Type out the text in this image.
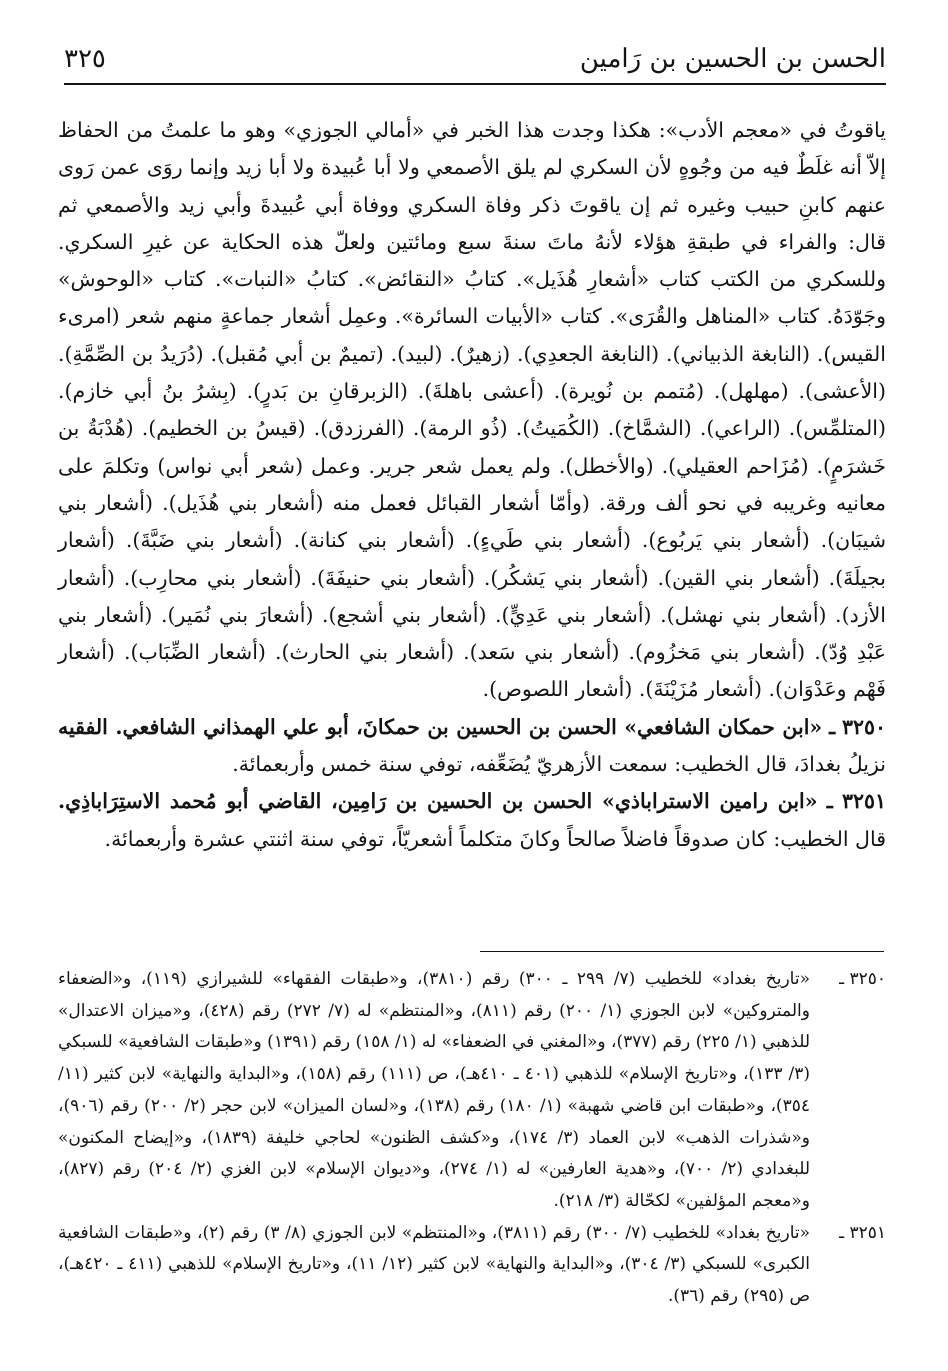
الحسن بن الحسين بن رَامين
٣٢٥

ياقوتُ في «معجم الأدب»: هكذا وجدت هذا الخبر في «أمالي الجوزي» وهو ما علمتُ من الحفاظ إلاّ أنه غلَطٌ فيه من وجُوهٍ لأن السكري لم يلق الأصمعي ولا أبا عُبيدة ولا أبا زيد وإنما روَى عمن رَوى عنهم كابنِ حبيب وغيره ثم إن ياقوتَ ذكر وفاة السكري ووفاة أبي عُبيدةَ وأبي زيد والأصمعي ثم قال: والفراء في طبقةِ هؤلاء لأنهُ ماتَ سنةَ سبع ومائتين ولعلّ هذه الحكاية عن غيرِ السكري. وللسكري من الكتب كتاب «أشعارِ هُذَيل». كتابُ «النقائض». كتابُ «النبات». كتاب «الوحوش» وجَوّدَهُ. كتاب «المناهل والقُرَى». كتاب «الأبيات السائرة». وعمِل أشعار جماعةٍ منهم شعر (امرىء القيس). (النابغة الذبياني). (النابغة الجعدِي). (زهيرٌ). (لبيد). (تميمٌ بن أبي مُقبل). (دُرَيدُ بن الصِّمَّةِ). (الأعشى). (مهلهل). (مُتمم بن نُويرة). (أعشى باهلةَ). (الزبرقانِ بن بَدرٍ). (بِشرُ بنُ أبي خازم). (المتلمِّس). (الراعي). (الشمَّاخ). (الكُمَيتُ). (ذُو الرمة). (الفرزدق). (قيسُ بن الخطيم). (هُدْبَةُ بن خَشرَمٍ). (مُزَاحم العقيلي). (والأخطل). ولم يعمل شعر جرير. وعمل (شعر أبي نواس) وتكلمَ على معانيه وغريبه في نحو ألف ورقة. (وأمّا أشعار القبائل فعمل منه (أشعار بني هُذَيل). (أشعار بني شيبَان). (أشعار بني يَربُوع). (أشعار بني طَيءٍ). (أشعار بني كنانة). (أشعار بني ضَبَّةَ). (أشعار بجيلَةَ). (أشعار بني القين). (أشعار بني يَشكُر). (أشعار بني حنيفَةَ). (أشعار بني محارِب). (أشعار الأزد). (أشعار بني نهشل). (أشعار بني عَدِيٍّ). (أشعار بني أشجع). (أشعارَ بني نُمَير). (أشعار بني عَبْدِ وُدّ). (أشعار بني مَخزُوم). (أشعار بني سَعد). (أشعار بني الحارث). (أشعار الضِّبَاب). (أشعار فَهْم وعَدْوَان). (أشعار مُزَيْنَةَ). (أشعار اللصوص).

٣٢٥٠ ـ «ابن حمكان الشافعي» الحسن بن الحسين بن حمكانَ، أبو علي الهمذاني الشافعي. الفقيه نزيلُ بغدادَ، قال الخطيب: سمعت الأزهريّ يُضَعِّفه، توفي سنة خمس وأربعمائة.

٣٢٥١ ـ «ابن رامين الاستراباذي» الحسن بن الحسين بن رَامِين، القاضي أبو مُحمد الاستِرَاباذِي. قال الخطيب: كان صدوقاً فاضلاً صالحاً وكانَ متكلماً أشعريّاً، توفي سنة اثنتي عشرة وأربعمائة.

٣٢٥٠ ـ
«تاريخ بغداد» للخطيب (٧/ ٢٩٩ ـ ٣٠٠) رقم (٣٨١٠)، و«طبقات الفقهاء» للشيرازي (١١٩)، و«الضعفاء والمتروكين» لابن الجوزي (١/ ٢٠٠) رقم (٨١١)، و«المنتظم» له (٧/ ٢٧٢) رقم (٤٢٨)، و«ميزان الاعتدال» للذهبي (١/ ٢٢٥) رقم (٣٧٧)، و«المغني في الضعفاء» له (١/ ١٥٨) رقم (١٣٩١) و«طبقات الشافعية» للسبكي (٣/ ١٣٣)، و«تاريخ الإسلام» للذهبي (٤٠١ ـ ٤١٠هـ)، ص (١١١) رقم (١٥٨)، و«البداية والنهاية» لابن كثير (١١/ ٣٥٤)، و«طبقات ابن قاضي شهبة» (١/ ١٨٠) رقم (١٣٨)، و«لسان الميزان» لابن حجر (٢/ ٢٠٠) رقم (٩٠٦)، و«شذرات الذهب» لابن العماد (٣/ ١٧٤)، و«كشف الظنون» لحاجي خليفة (١٨٣٩)، و«إيضاح المكنون» للبغدادي (٢/ ٧٠٠)، و«هدية العارفين» له (١/ ٢٧٤)، و«ديوان الإسلام» لابن الغزي (٢/ ٢٠٤) رقم (٨٢٧)، و«معجم المؤلفين» لكحّالة (٣/ ٢١٨).

٣٢٥١ ـ
«تاريخ بغداد» للخطيب (٧/ ٣٠٠) رقم (٣٨١١)، و«المنتظم» لابن الجوزي (٨/ ٣) رقم (٢)، و«طبقات الشافعية الكبرى» للسبكي (٣/ ٣٠٤)، و«البداية والنهاية» لابن كثير (١٢/ ١١)، و«تاريخ الإسلام» للذهبي (٤١١ ـ ٤٢٠هـ)، ص (٢٩٥) رقم (٣٦).
